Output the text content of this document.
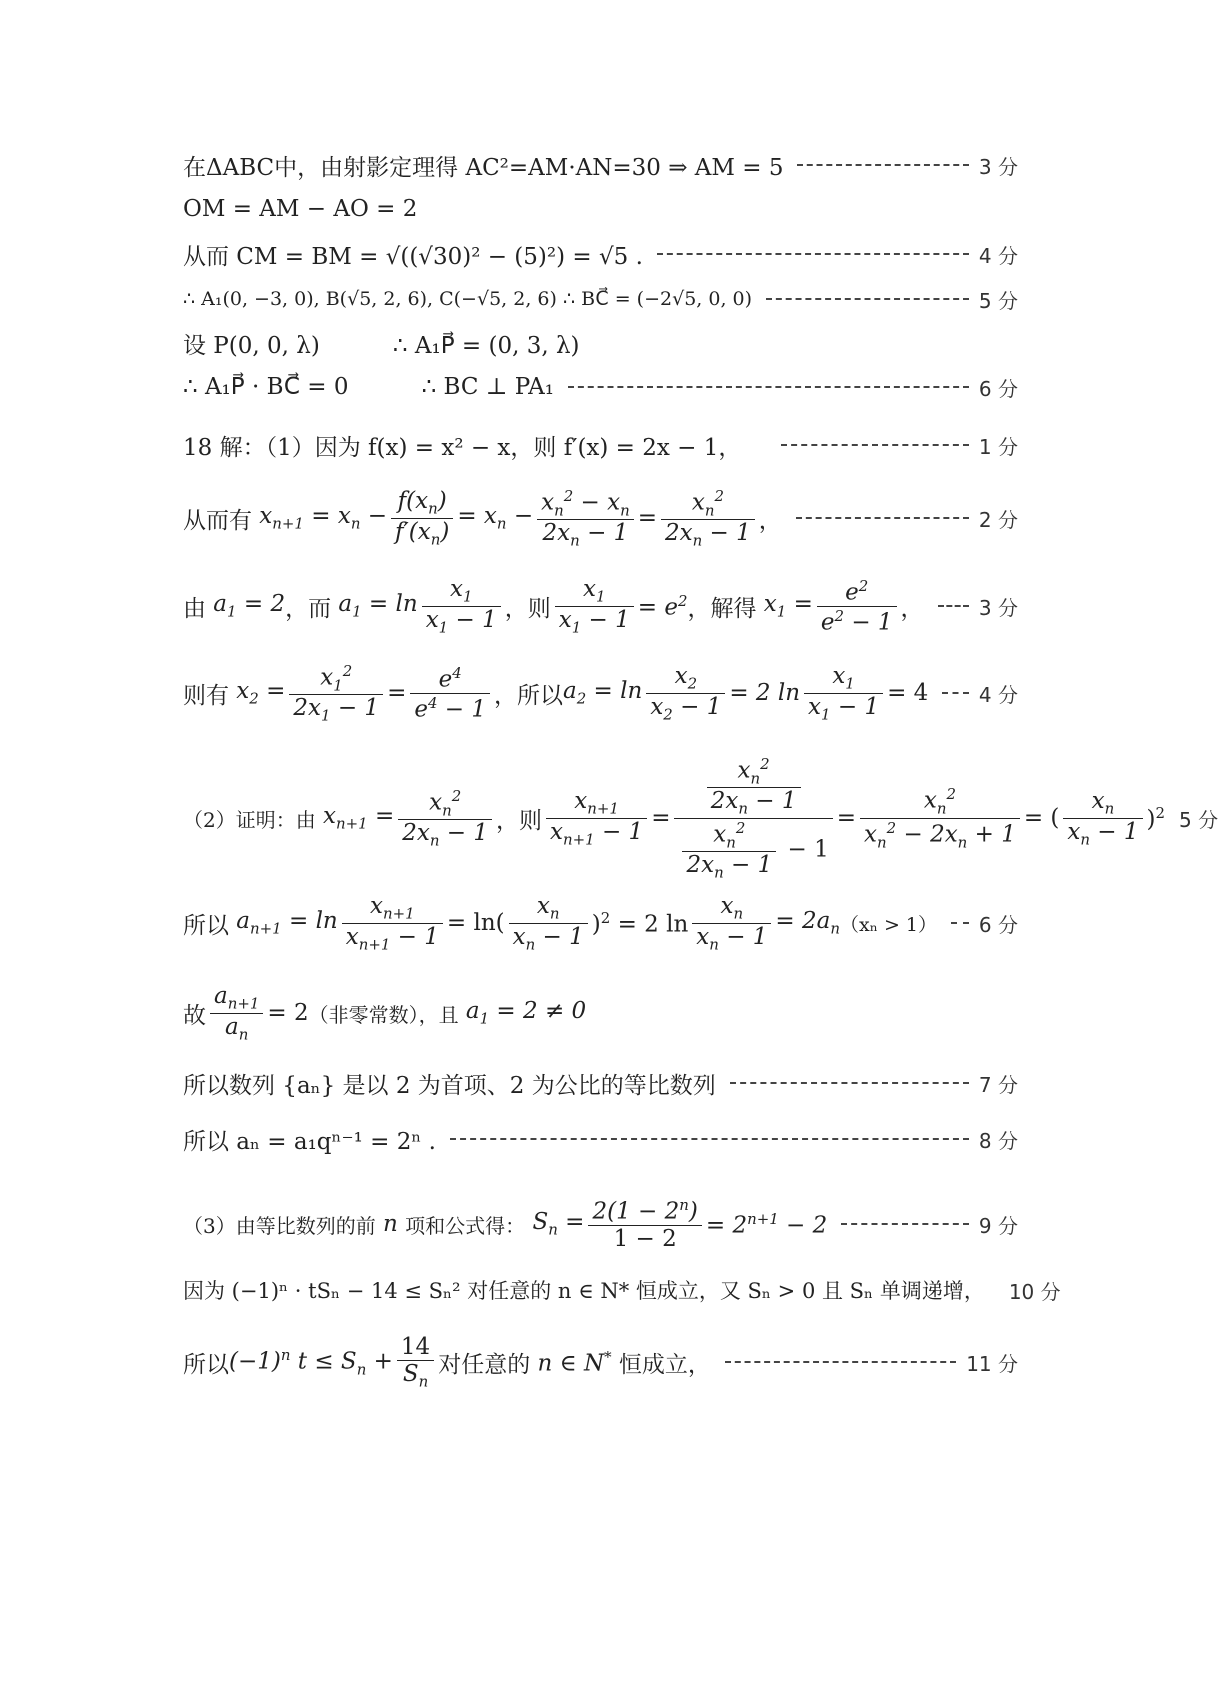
在ΔABC中，由射影定理得 AC²=AM·AN=30 ⇒ AM = 5	3 分
OM = AM − AO = 2
从而 CM = BM = √((√30)² − (5)²) = √5 .	4 分
∴ A₁(0, −3, 0), B(√5, 2, 6), C(−√5, 2, 6) ∴ BC⃗ = (−2√5, 0, 0)	5 分
设 P(0, 0, λ)          ∴ A₁P⃗ = (0, 3, λ)
∴ A₁P⃗ · BC⃗ = 0          ∴ BC ⊥ PA₁	6 分
18 解：（1）因为 f(x) = x² − x，则 f′(x) = 2x − 1，	1 分
从而有 $x_{n+1} = x_n - \frac{f(x_n)}{f'(x_n)} = x_n - \frac{x_n^2 - x_n}{2x_n - 1} = \frac{x_n^2}{2x_n - 1}$ ，	2 分
由 $a_1 = 2$ ，而 $a_1 = \ln \frac{x_1}{x_1 - 1}$ ，则 $\frac{x_1}{x_1 - 1} = e^2$ ，解得 $x_1 = \frac{e^2}{e^2 - 1}$ ，	3 分
则有 $x_2 = \frac{x_1^2}{2x_1 - 1} = \frac{e^4}{e^4 - 1}$ ，所以 $a_2 = \ln \frac{x_2}{x_2 - 1} = 2$ $\ln \frac{x_1}{x_1 - 1} = 4$	4 分
（2）证明：由 $x_{n+1} = \frac{x_n^2}{2x_n - 1}$ ，则 $\frac{x_{n+1}}{x_{n+1} - 1} = \frac{\frac{x_n^2}{2x_n - 1}}{\frac{x_n^2}{2x_n - 1} - 1} = \frac{x_n^2}{x_n^2 - 2x_n + 1}$ = ( $\frac{x_n}{x_n - 1} )^2$ 5 分
所以 $a_{n+1} = \ln \frac{x_{n+1}}{x_{n+1} - 1} = \ln( \frac{x_n}{x_n - 1} )^2 = 2$ $\ln \frac{x_n}{x_n - 1} = 2a_n$ （xₙ > 1） 6 分
故 $\frac{a_{n+1}}{a_n} = 2$ （非零常数），且 $a_1 = 2 \ne 0$
所以数列 {aₙ} 是以 2 为首项、2 为公比的等比数列	7 分
所以 aₙ = a₁qⁿ⁻¹ = 2ⁿ .	8 分
（3）由等比数列的前 n 项和公式得： $S_n = \frac{2(1 - 2^n)}{1 - 2} = 2^{n+1} - 2$	9 分
因为 (−1)ⁿ · tSₙ − 14 ≤ Sₙ² 对任意的 n ∈ N* 恒成立，又 Sₙ > 0 且 Sₙ 单调递增， 10 分
所以 $(-1)^n$ $t \le S_n + \frac{14}{S_n}$ 对任意的 n ∈ N* 恒成立，	11 分
